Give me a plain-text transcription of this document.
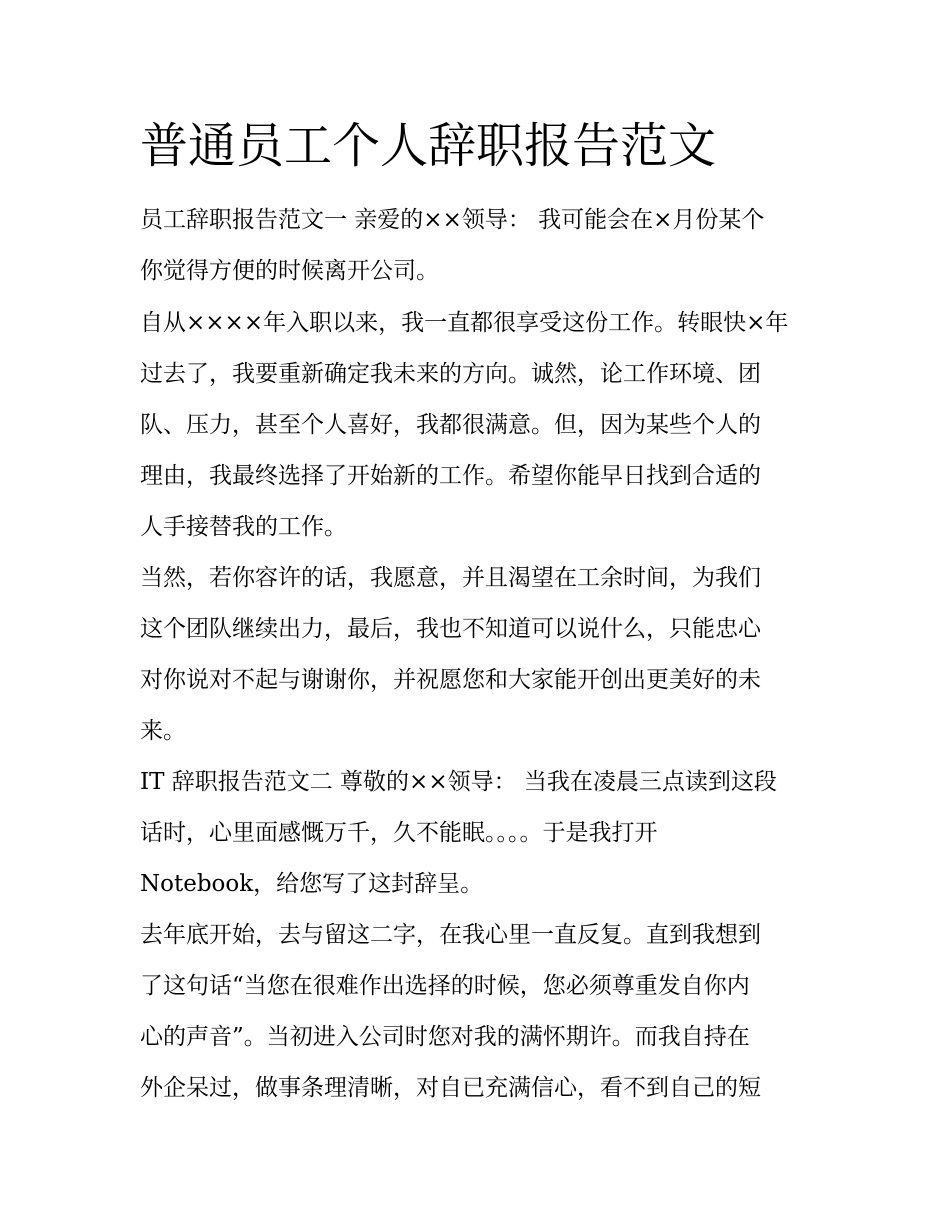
普通员工个人辞职报告范文

员工辞职报告范文一 亲爱的××领导： 我可能会在×月份某个

你觉得方便的时候离开公司。

自从××××年入职以来，我一直都很享受这份工作。转眼快×年

过去了，我要重新确定我未来的方向。诚然，论工作环境、团

队、压力，甚至个人喜好，我都很满意。但，因为某些个人的

理由，我最终选择了开始新的工作。希望你能早日找到合适的

人手接替我的工作。

当然，若你容许的话，我愿意，并且渴望在工余时间，为我们

这个团队继续出力，最后，我也不知道可以说什么，只能忠心

对你说对不起与谢谢你，并祝愿您和大家能开创出更美好的未

来。

IT 辞职报告范文二 尊敬的××领导： 当我在凌晨三点读到这段

话时，心里面感慨万千，久不能眠。。。。于是我打开

Notebook，给您写了这封辞呈。

去年底开始，去与留这二字，在我心里一直反复。直到我想到

了这句话“当您在很难作出选择的时候，您必须尊重发自你内

心的声音”。当初进入公司时您对我的满怀期许。而我自持在

外企呆过，做事条理清晰，对自已充满信心，看不到自己的短
